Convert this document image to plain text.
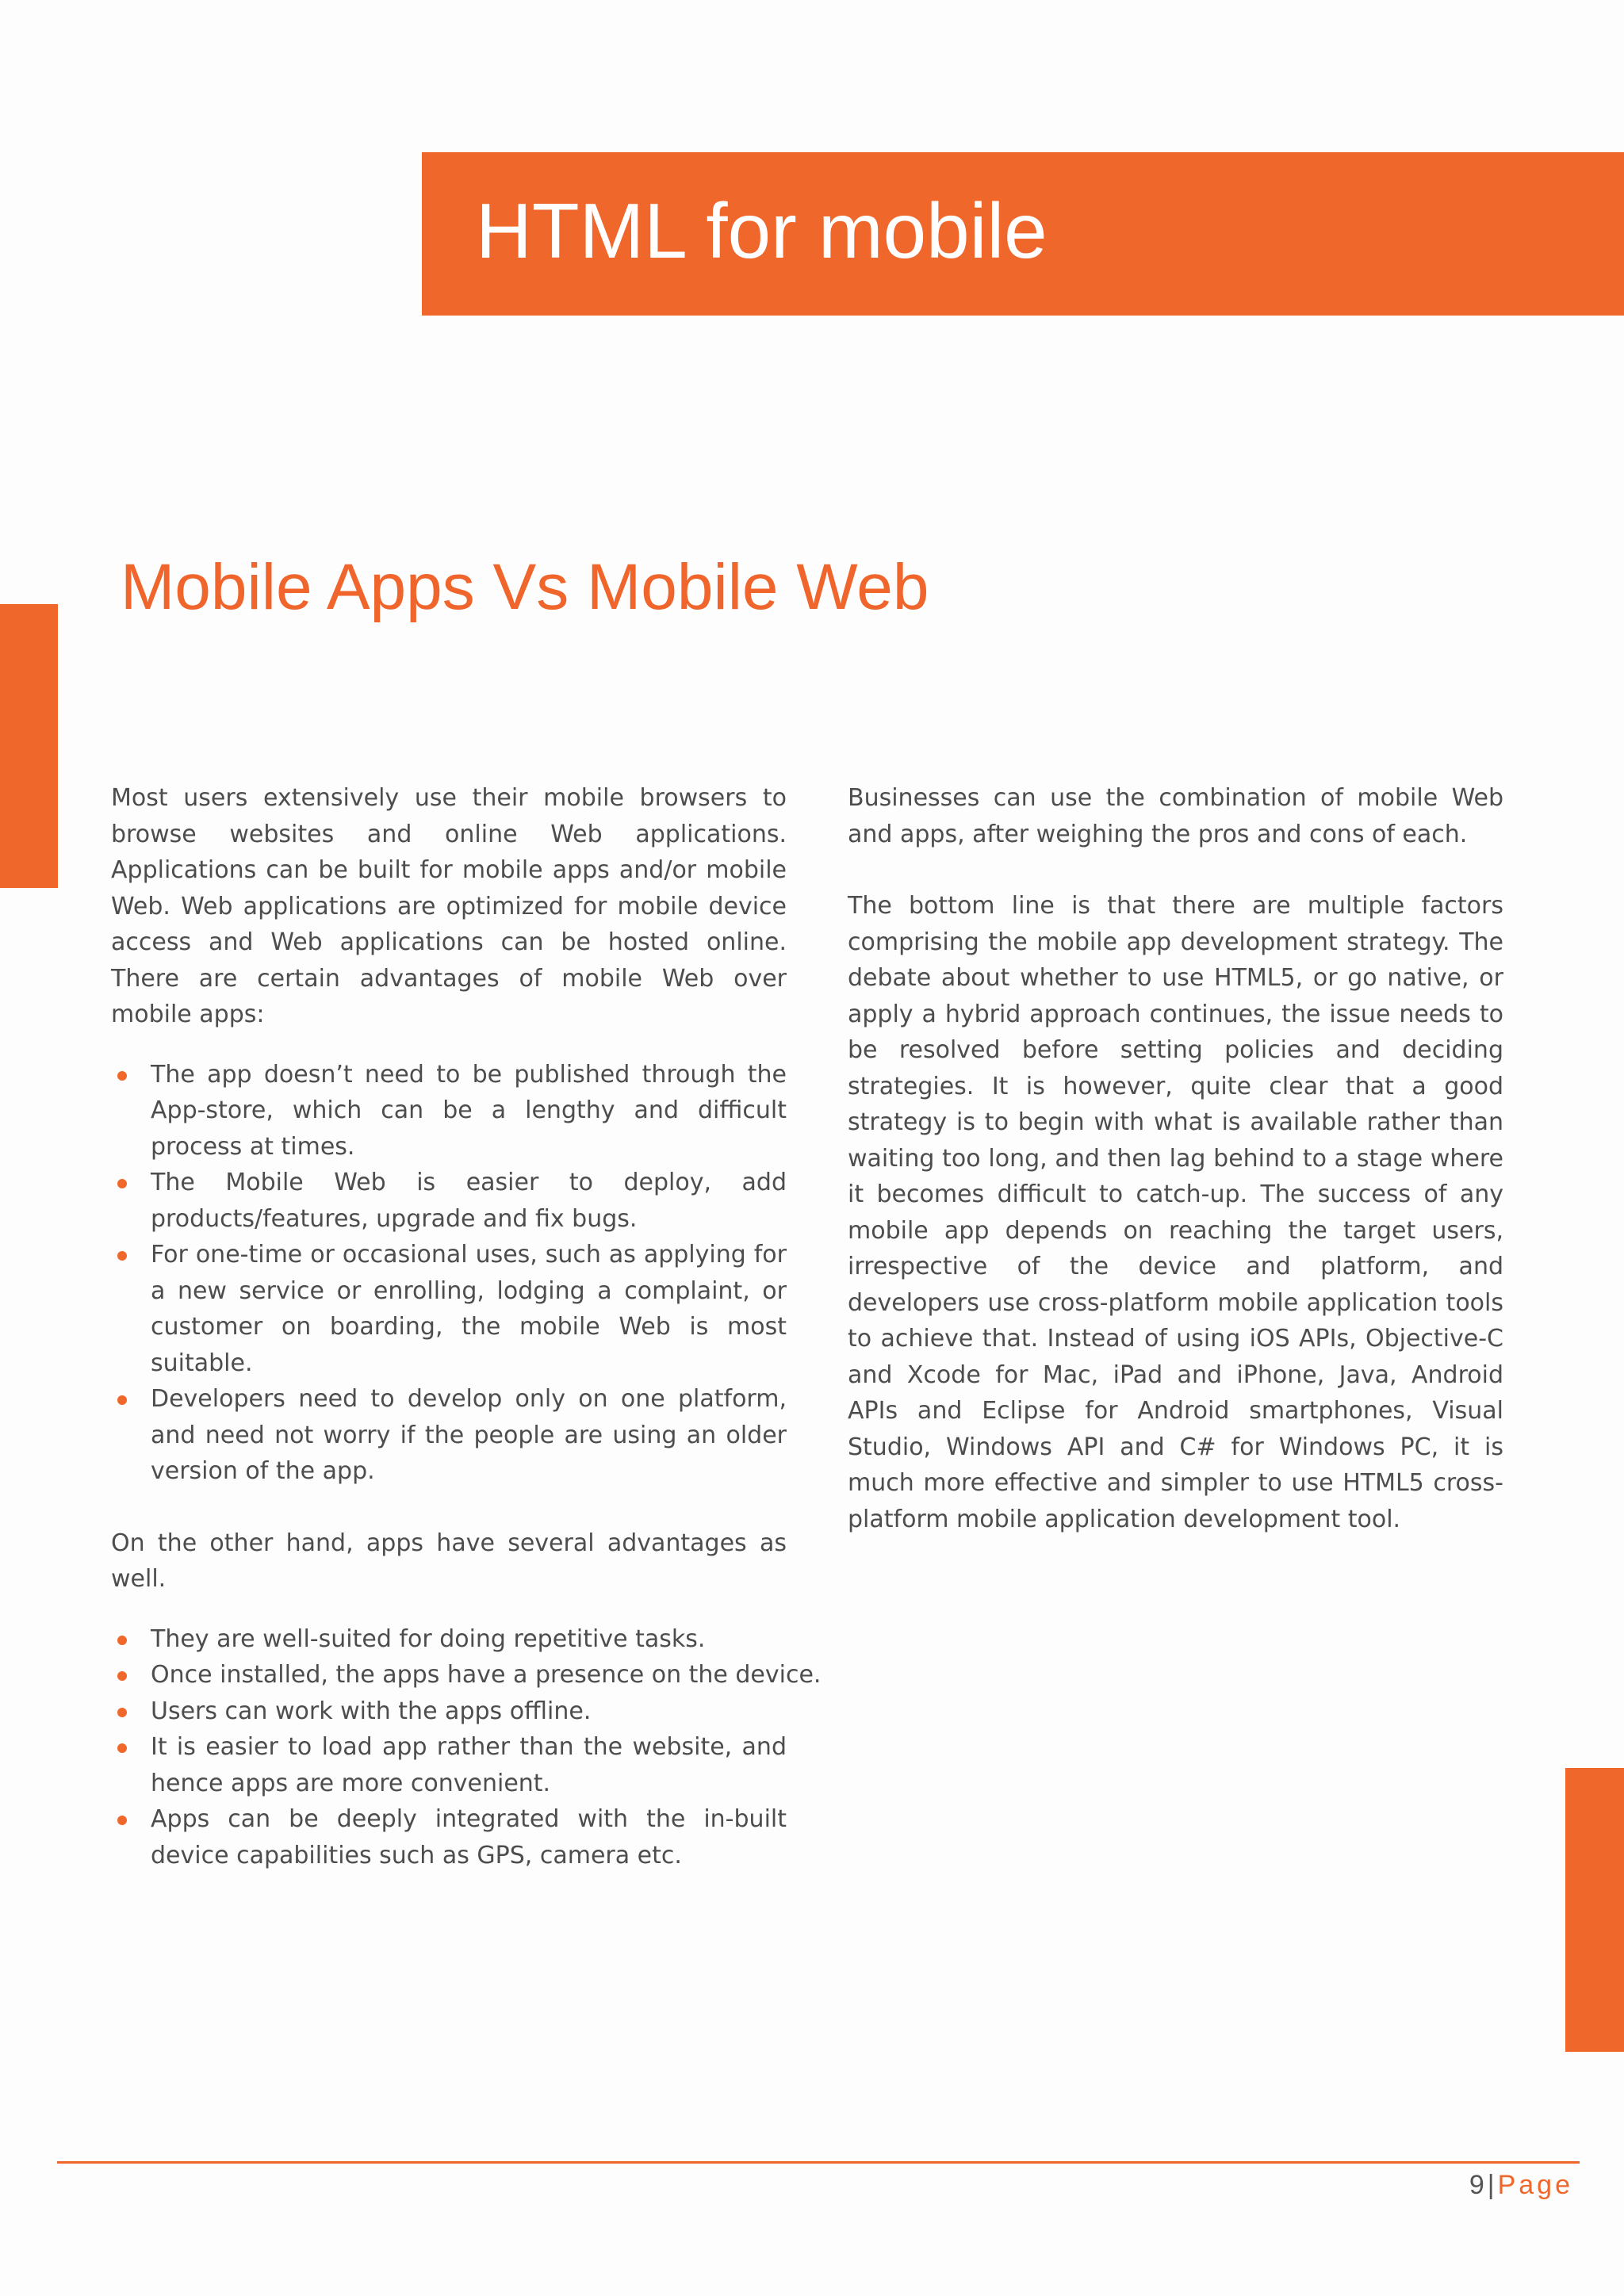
HTML for mobile
Mobile Apps Vs Mobile Web

Most users extensively use their mobile browsers to browse websites and online Web applications. Applications can be built for mobile apps and/or mobile Web. Web applications are optimized for mobile device access and Web applications can be hosted online. There are certain advantages of mobile Web over mobile apps:

The app doesn’t need to be published through the App-store, which can be a lengthy and difficult process at times.
The Mobile Web is easier to deploy, add products/features, upgrade and fix bugs.
For one-time or occasional uses, such as applying for a new service or enrolling, lodging a complaint, or customer on boarding, the mobile Web is most suitable.
Developers need to develop only on one platform, and need not worry if the people are using an older version of the app.

On the other hand, apps have several advantages as well.

They are well-suited for doing repetitive tasks.
Once installed, the apps have a presence on the device.
Users can work with the apps offline.
It is easier to load app rather than the website, and hence apps are more convenient.
Apps can be deeply integrated with the in-built device capabilities such as GPS, camera etc.

Businesses can use the combination of mobile Web and apps, after weighing the pros and cons of each.

The bottom line is that there are multiple factors comprising the mobile app development strategy. The debate about whether to use HTML5, or go native, or apply a hybrid approach continues, the issue needs to be resolved before setting policies and deciding strategies. It is however, quite clear that a good strategy is to begin with what is available rather than waiting too long, and then lag behind to a stage where it becomes difficult to catch-up. The success of any mobile app depends on reaching the target users, irrespective of the device and platform, and developers use cross-platform mobile application tools to achieve that. Instead of using iOS APIs, Objective-C and Xcode for Mac, iPad and iPhone, Java, Android APIs and Eclipse for Android smartphones, Visual Studio, Windows API and C# for Windows PC, it is much more effective and simpler to use HTML5 cross-platform mobile application development tool.

9 | Page
